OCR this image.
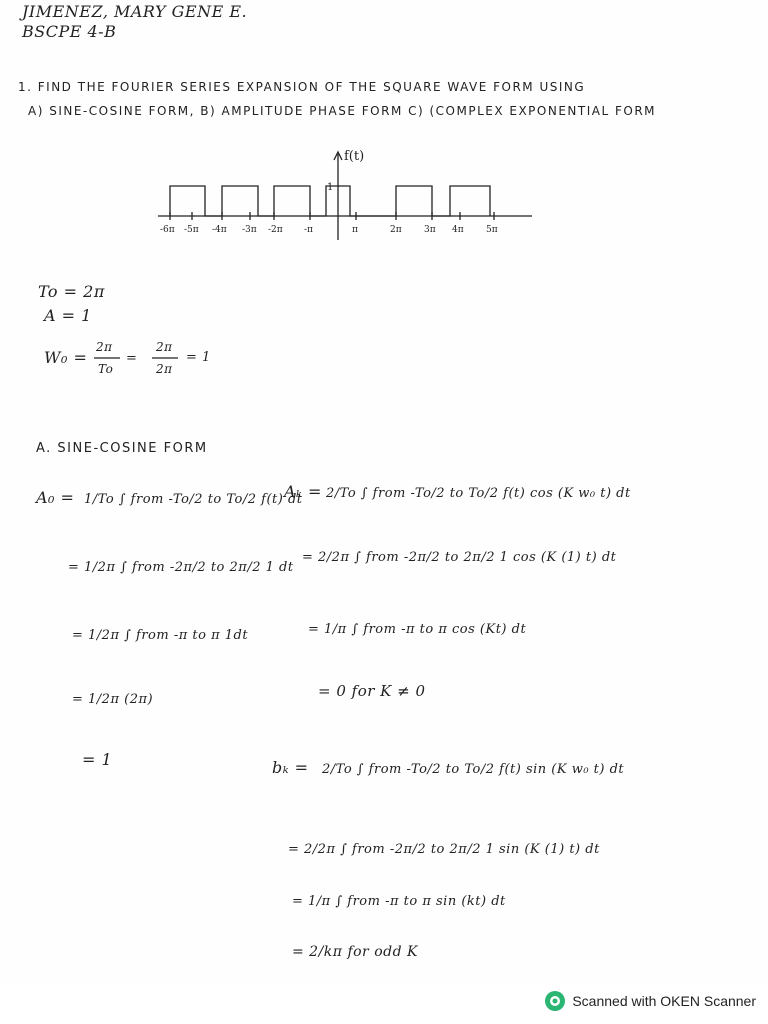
JIMENEZ, MARY GENE E.
BSCPE 4-B
1. FIND THE FOURIER SERIES EXPANSION OF THE SQUARE WAVE FORM USING
A) SINE-COSINE FORM, B) AMPLITUDE PHASE FORM C) (COMPLEX EXPONENTIAL FORM
f(t)
1
-6π -5π -4π -3π -2π -π	π	2π 3π 4π 5π
To = 2π
A = 1
W₀ =	=
2π
To
2π
2π
= 1
A. SINE-COSINE FORM
A₀ = 1/To ∫ from -To/2 to To/2 f(t) dt
= 1/2π ∫ from -2π/2 to 2π/2 1 dt
= 1/2π ∫ from -π to π 1dt
= 1/2π (2π)
= 1
Aₖ = 2/To ∫ from -To/2 to To/2 f(t) cos (K w₀ t) dt
= 2/2π ∫ from -2π/2 to 2π/2 1 cos (K (1) t) dt
= 1/π ∫ from -π to π cos (Kt) dt
= 0 for K ≠ 0
bₖ = 2/To ∫ from -To/2 to To/2 f(t) sin (K w₀ t) dt
= 2/2π ∫ from -2π/2 to 2π/2 1 sin (K (1) t) dt
= 1/π ∫ from -π to π sin (kt) dt
= 2/kπ for odd K
Scanned with OKEN Scanner
